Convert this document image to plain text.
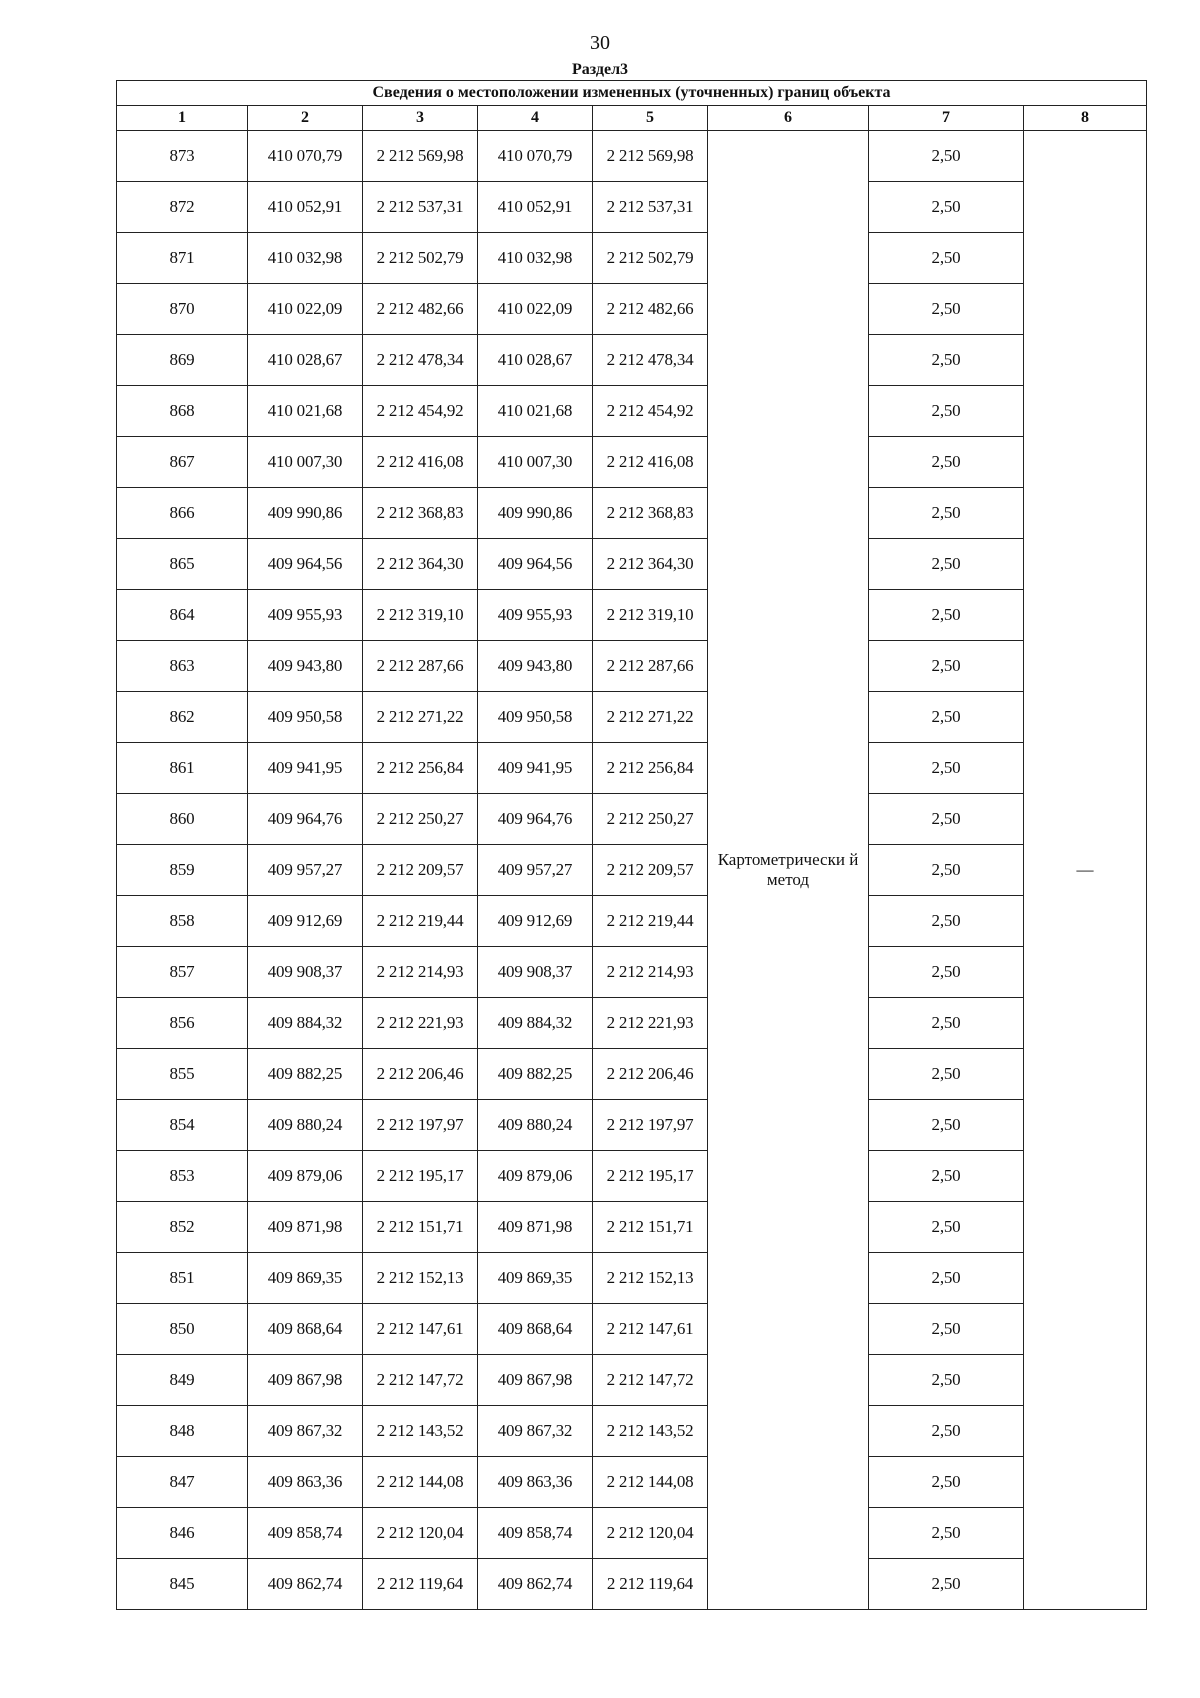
30
Раздел3
Сведения о местоположении измененных (уточненных) границ объекта							
1	2	3	4	5	6	7	8
873	410 070,79	2 212 569,98	410 070,79	2 212 569,98	Картометрически й метод	2,50	—
872	410 052,91	2 212 537,31	410 052,91	2 212 537,31		2,50	
871	410 032,98	2 212 502,79	410 032,98	2 212 502,79		2,50	
870	410 022,09	2 212 482,66	410 022,09	2 212 482,66		2,50	
869	410 028,67	2 212 478,34	410 028,67	2 212 478,34		2,50	
868	410 021,68	2 212 454,92	410 021,68	2 212 454,92		2,50	
867	410 007,30	2 212 416,08	410 007,30	2 212 416,08		2,50	
866	409 990,86	2 212 368,83	409 990,86	2 212 368,83		2,50	
865	409 964,56	2 212 364,30	409 964,56	2 212 364,30		2,50	
864	409 955,93	2 212 319,10	409 955,93	2 212 319,10		2,50	
863	409 943,80	2 212 287,66	409 943,80	2 212 287,66		2,50	
862	409 950,58	2 212 271,22	409 950,58	2 212 271,22		2,50	
861	409 941,95	2 212 256,84	409 941,95	2 212 256,84		2,50	
860	409 964,76	2 212 250,27	409 964,76	2 212 250,27		2,50	
859	409 957,27	2 212 209,57	409 957,27	2 212 209,57		2,50	
858	409 912,69	2 212 219,44	409 912,69	2 212 219,44		2,50	
857	409 908,37	2 212 214,93	409 908,37	2 212 214,93		2,50	
856	409 884,32	2 212 221,93	409 884,32	2 212 221,93		2,50	
855	409 882,25	2 212 206,46	409 882,25	2 212 206,46		2,50	
854	409 880,24	2 212 197,97	409 880,24	2 212 197,97		2,50	
853	409 879,06	2 212 195,17	409 879,06	2 212 195,17		2,50	
852	409 871,98	2 212 151,71	409 871,98	2 212 151,71		2,50	
851	409 869,35	2 212 152,13	409 869,35	2 212 152,13		2,50	
850	409 868,64	2 212 147,61	409 868,64	2 212 147,61		2,50	
849	409 867,98	2 212 147,72	409 867,98	2 212 147,72		2,50	
848	409 867,32	2 212 143,52	409 867,32	2 212 143,52		2,50	
847	409 863,36	2 212 144,08	409 863,36	2 212 144,08		2,50	
846	409 858,74	2 212 120,04	409 858,74	2 212 120,04		2,50	
845	409 862,74	2 212 119,64	409 862,74	2 212 119,64		2,50	
